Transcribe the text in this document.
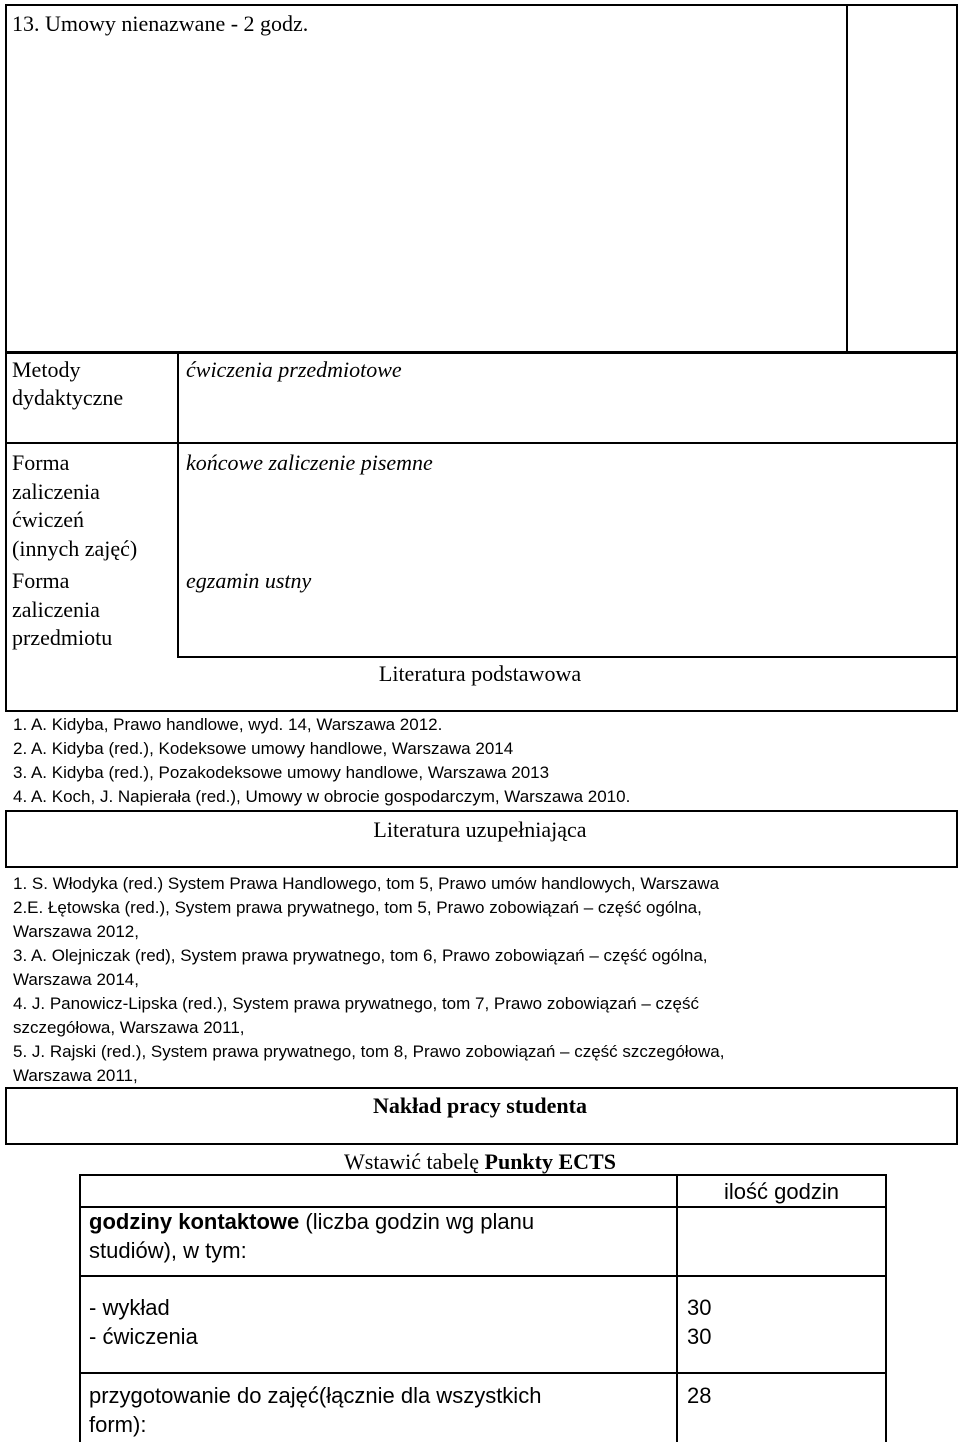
13. Umowy nienazwane - 2 godz.
Metody
dydaktyczne
ćwiczenia przedmiotowe
Forma
zaliczenia
ćwiczeń
(innych zajęć)
końcowe zaliczenie pisemne
Forma
zaliczenia
przedmiotu
egzamin ustny
Literatura podstawowa
1. A. Kidyba, Prawo handlowe, wyd. 14, Warszawa 2012.
2. A. Kidyba (red.), Kodeksowe umowy handlowe, Warszawa 2014
3. A. Kidyba (red.), Pozakodeksowe umowy handlowe, Warszawa 2013
4. A. Koch, J. Napierała (red.), Umowy w obrocie gospodarczym, Warszawa 2010.
Literatura uzupełniająca
1. S. Włodyka (red.) System Prawa Handlowego, tom 5, Prawo umów handlowych, Warszawa
2.E. Łętowska (red.), System prawa prywatnego, tom 5, Prawo zobowiązań – część ogólna,
Warszawa 2012,
3. A. Olejniczak (red), System prawa prywatnego, tom 6, Prawo zobowiązań – część ogólna,
Warszawa 2014,
4. J. Panowicz-Lipska (red.), System prawa prywatnego, tom 7, Prawo zobowiązań – część
szczegółowa, Warszawa 2011,
5. J. Rajski (red.), System prawa prywatnego, tom 8, Prawo zobowiązań – część szczegółowa,
Warszawa 2011,
Nakład pracy studenta
Wstawić tabelę Punkty ECTS
ilość godzin
godziny kontaktowe (liczba godzin wg planu
studiów), w tym:
- wykład	30
- ćwiczenia	30
przygotowanie do zajęć(łącznie dla wszystkich
form):
28
